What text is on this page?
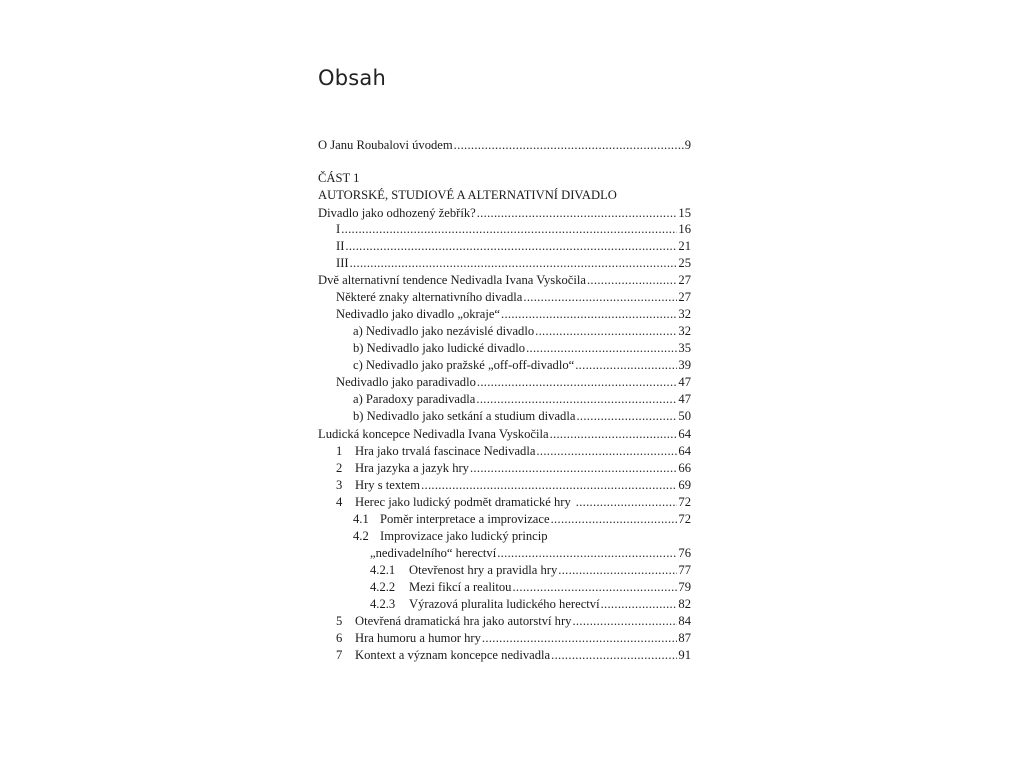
Obsah
O Janu Roubalovi úvodem .....	9
ČÁST 1
AUTORSKÉ, STUDIOVÉ A ALTERNATIVNÍ DIVADLO
Divadlo jako odhozený žebřík? .....	15
I .....	16
II .....	21
III .....	25
Dvě alternativní tendence Nedivadla Ivana Vyskočila .....	27
Některé znaky alternativního divadla .....	27
Nedivadlo jako divadlo „okraje“ .....	32
a) Nedivadlo jako nezávislé divadlo .....	32
b) Nedivadlo jako ludické divadlo .....	35
c) Nedivadlo jako pražské „off-off-divadlo“ .....	39
Nedivadlo jako paradivadlo .....	47
a) Paradoxy paradivadla .....	47
b) Nedivadlo jako setkání a studium divadla .....	50
Ludická koncepce Nedivadla Ivana Vyskočila .....	64
1	Hra jako trvalá fascinace Nedivadla .....	64
2	Hra jazyka a jazyk hry .....	66
3	Hry s textem .....	69
4	Herec jako ludický podmět dramatické hry .....	72
4.1 Poměr interpretace a improvizace .....	72
4.2 Improvizace jako ludický princip
„nedivadelního“ herectví .....	76
4.2.1	Otevřenost hry a pravidla hry .....	77
4.2.2	Mezi fikcí a realitou .....	79
4.2.3	Výrazová pluralita ludického herectví .....	82
5	Otevřená dramatická hra jako autorství hry .....	84
6	Hra humoru a humor hry .....	87
7	Kontext a význam koncepce nedivadla .....	91
